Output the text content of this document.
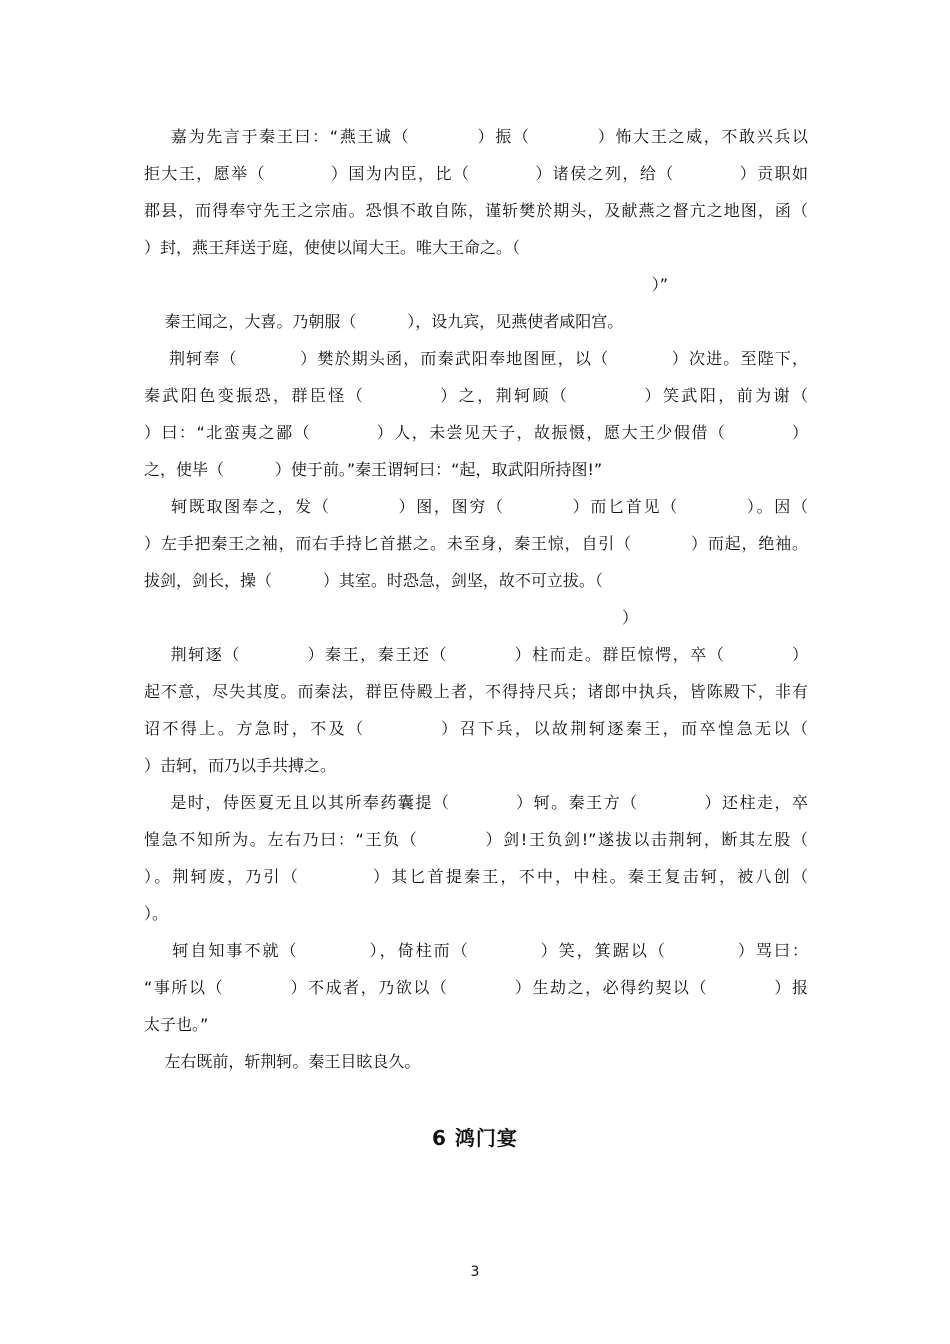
嘉为先言于秦王曰：“燕王诚（          ）振（          ）怖大王之威，不敢兴兵以
拒大王，愿举（          ）国为内臣，比（          ）诸侯之列，给（          ）贡职如
郡县，而得奉守先王之宗庙。恐惧不敢自陈，谨斩樊於期头，及献燕之督亢之地图，函（
）封，燕王拜送于庭，使使以闻大王。唯大王命之。（
）”
秦王闻之，大喜。乃朝服（          ），设九宾，见燕使者咸阳宫。
荆轲奉（          ）樊於期头函，而秦武阳奉地图匣，以（          ）次进。至陛下，
秦武阳色变振恐，群臣怪（          ）之，荆轲顾（          ）笑武阳，前为谢（
）曰：“北蛮夷之鄙（          ）人，未尝见天子，故振慑，愿大王少假借（          ）
之，使毕（          ）使于前。”秦王谓轲曰：“起，取武阳所持图!”
轲既取图奉之，发（          ）图，图穷（          ）而匕首见（          ）。因（
）左手把秦王之袖，而右手持匕首揕之。未至身，秦王惊，自引（          ）而起，绝袖。
拔剑，剑长，操（          ）其室。时恐急，剑坚，故不可立拔。（
）
荆轲逐（          ）秦王，秦王还（          ）柱而走。群臣惊愕，卒（          ）
起不意，尽失其度。而秦法，群臣侍殿上者，不得持尺兵；诸郎中执兵，皆陈殿下，非有
诏不得上。方急时，不及（          ）召下兵，以故荆轲逐秦王，而卒惶急无以（
）击轲，而乃以手共搏之。
是时，侍医夏无且以其所奉药囊提（          ）轲。秦王方（          ）还柱走，卒
惶急不知所为。左右乃曰：“王负（          ）剑!王负剑!”遂拔以击荆轲，断其左股（
）。荆轲废，乃引（          ）其匕首提秦王，不中，中柱。秦王复击轲，被八创（
）。
轲自知事不就（          ），倚柱而（          ）笑，箕踞以（          ）骂曰：
“事所以（          ）不成者，乃欲以（          ）生劫之，必得约契以（          ）报
太子也。”
左右既前，斩荆轲。秦王目眩良久。
6 鸿门宴
3
